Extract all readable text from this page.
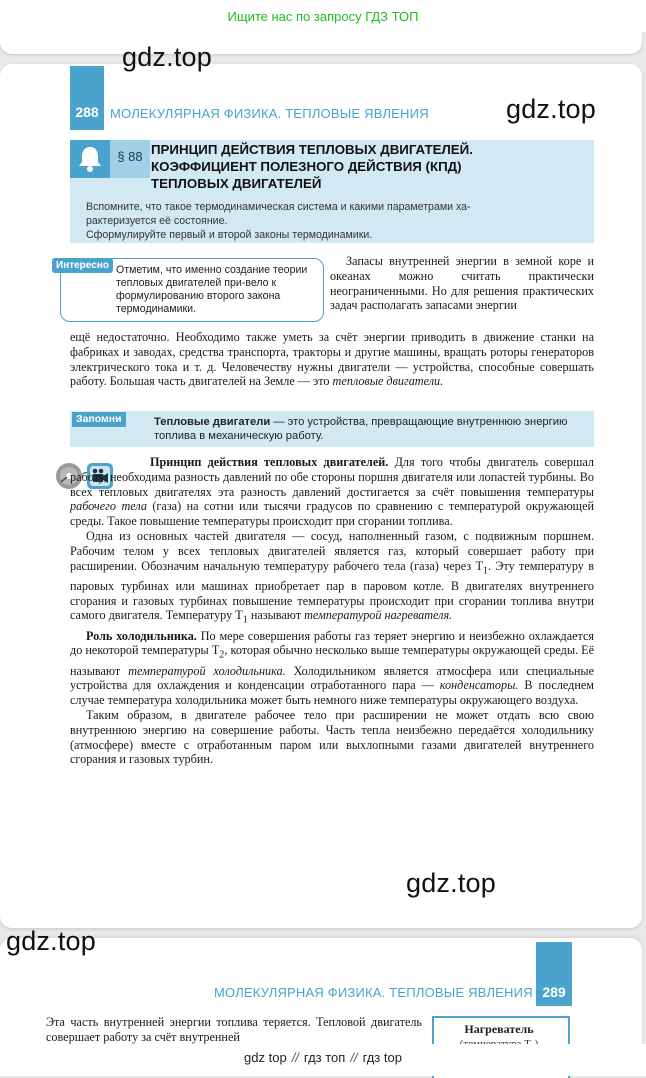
Ищите нас по запросу ГДЗ ТОП
gdz.top
gdz.top
288 МОЛЕКУЛЯРНАЯ ФИЗИКА. ТЕПЛОВЫЕ ЯВЛЕНИЯ
§ 88 ПРИНЦИП ДЕЙСТВИЯ ТЕПЛОВЫХ ДВИГАТЕЛЕЙ.
КОЭФФИЦИЕНТ ПОЛЕЗНОГО ДЕЙСТВИЯ (КПД)
ТЕПЛОВЫХ ДВИГАТЕЛЕЙ

Вспомните, что такое термодинамическая система и какими параметрами ха-

рактеризуется её состояние.

Сформулируйте первый и второй законы термодинамики.

Интересно Отметим, что именно создание теории тепловых двигателей при-вело к формулированию второго закона термодинамики.

Запасы внутренней энергии в земной коре и океанах можно считать практически неограниченными. Но для решения практических задач располагать запасами энергии

ещё недостаточно. Необходимо также уметь за счёт энергии приводить в движение станки на фабриках и заводах, средства транспорта, тракторы и другие машины, вращать роторы генераторов электрического тока и т. д. Человечеству нужны двигатели — устройства, способные совершать работу. Большая часть двигателей на Земле — это тепловые двигатели.

Запомни	Тепловые двигатели — это устройства, превращающие внутреннюю энергию топлива в механическую работу.

Принцип действия тепловых двигателей. Для того чтобы двигатель совершал работу, необходима разность давлений по обе стороны поршня двигателя или лопастей турбины. Во всех тепловых двигателях эта разность давлений достигается за счёт повышения температуры рабочего тела (газа) на сотни или тысячи градусов по сравнению с температурой окружающей среды. Такое повышение температуры происходит при сгорании топлива.

Одна из основных частей двигателя — сосуд, наполненный газом, с подвижным поршнем. Рабочим телом у всех тепловых двигателей является газ, который совершает работу при расширении. Обозначим начальную температуру рабочего тела (газа) через $T_1$. Эту температуру в паровых турбинах или машинах приобретает пар в паровом котле. В двигателях внутреннего сгорания и газовых турбинах повышение температуры происходит при сгорании топлива внутри самого двигателя. Температуру $T_1$ называют температурой нагревателя.

Роль холодильника. По мере совершения работы газ теряет энергию и неизбежно охлаждается до некоторой температуры $T_2$, которая обычно несколько выше температуры окружающей среды. Её называют температурой холодильника. Холодильником является атмосфера или специальные устройства для охлаждения и конденсации отработанного пара — конденсаторы. В последнем случае температура холодильника может быть немного ниже температуры окружающего воздуха.

Таким образом, в двигателе рабочее тело при расширении не может отдать всю свою внутреннюю энергию на совершение работы. Часть тепла неизбежно передаётся холодильнику (атмосфере) вместе с отработанным паром или выхлопными газами двигателей внутреннего сгорания и газовых турбин.

gdz.top
gdz.top
289
МОЛЕКУЛЯРНАЯ ФИЗИКА. ТЕПЛОВЫЕ ЯВЛЕНИЯ
Эта часть внутренней энергии топлива теряется. Тепловой двигатель совершает работу за счёт внутренней
Нагреватель
gdz top // гдз топ // гдз top
